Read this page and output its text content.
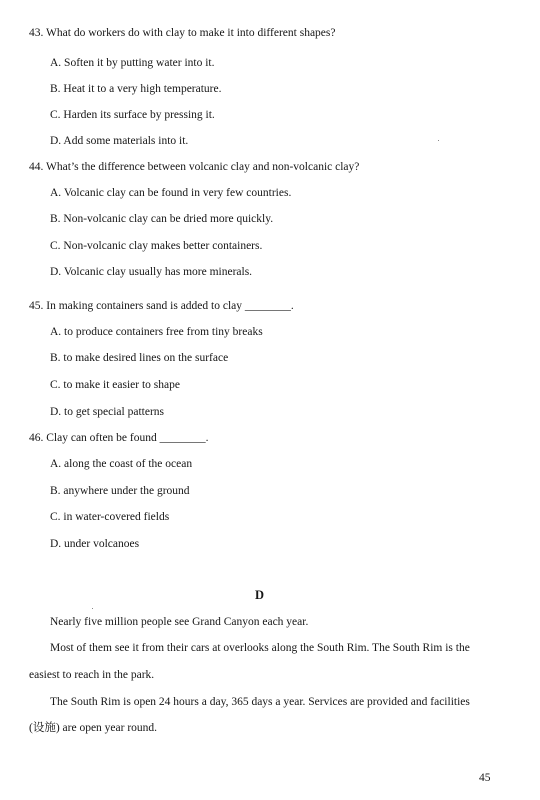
43. What do workers do with clay to make it into different shapes?
A. Soften it by putting water into it.
B. Heat it to a very high temperature.
C. Harden its surface by pressing it.
D. Add some materials into it.
44. What’s the difference between volcanic clay and non-volcanic clay?
A. Volcanic clay can be found in very few countries.
B. Non-volcanic clay can be dried more quickly.
C. Non-volcanic clay makes better containers.
D. Volcanic clay usually has more minerals.
45. In making containers sand is added to clay ________.
A. to produce containers free from tiny breaks
B. to make desired lines on the surface
C. to make it easier to shape
D. to get special patterns
46. Clay can often be found ________.
A. along the coast of the ocean
B. anywhere under the ground
C. in water-covered fields
D. under volcanoes
D
Nearly five million people see Grand Canyon each year.
Most of them see it from their cars at overlooks along the South Rim. The South Rim is the
easiest to reach in the park.
The South Rim is open 24 hours a day, 365 days a year. Services are provided and facilities
(设施) are open year round.
45
